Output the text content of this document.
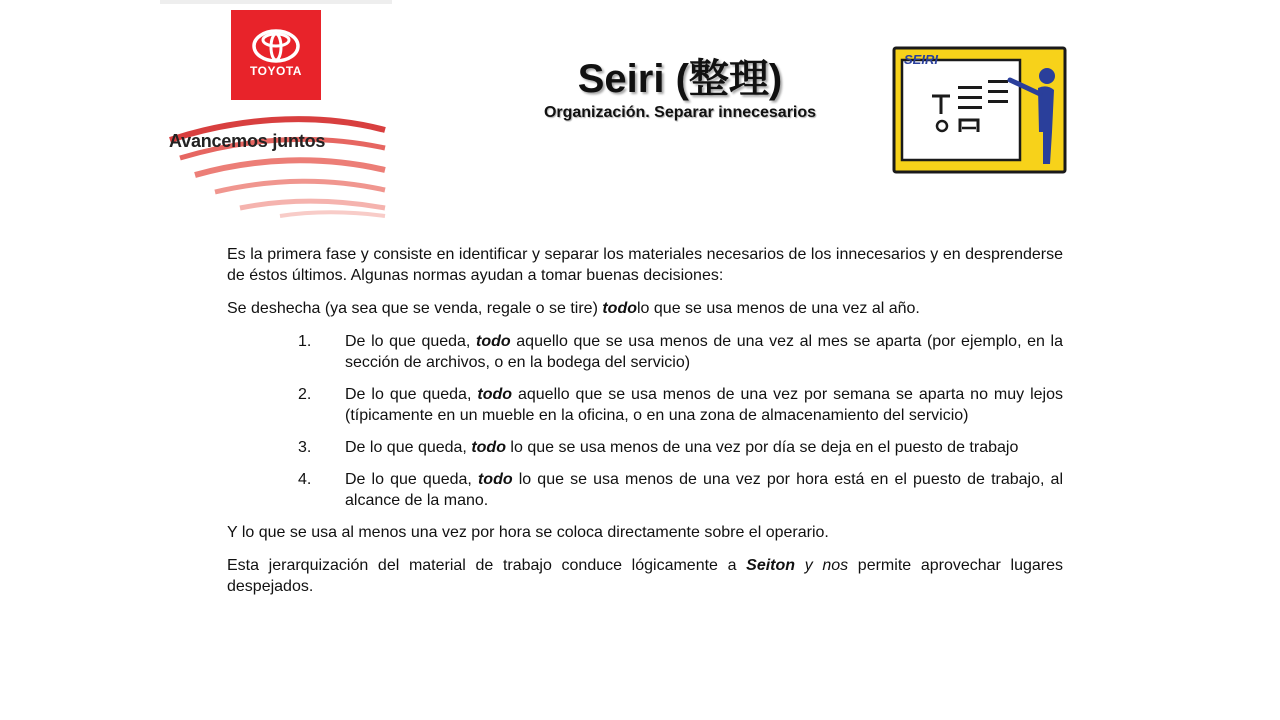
TOYOTA
Avancemos juntos
Seiri (整理)
Organización. Separar innecesarios
SEIRI

Es la primera fase y consiste en identificar y separar los materiales necesarios de los innecesarios y en desprenderse de éstos últimos. Algunas normas ayudan a tomar buenas decisiones:

Se deshecha (ya sea que se venda, regale o se tire) todolo que se usa menos de una vez al año.

1. De lo que queda, todo aquello que se usa menos de una vez al mes se aparta (por ejemplo, en la sección de archivos, o en la bodega del servicio)
2. De lo que queda, todo aquello que se usa menos de una vez por semana se aparta no muy lejos (típicamente en un mueble en la oficina, o en una zona de almacenamiento del servicio)
3. De lo que queda, todo lo que se usa menos de una vez por día se deja en el puesto de trabajo
4. De lo que queda, todo lo que se usa menos de una vez por hora está en el puesto de trabajo, al alcance de la mano.

Y lo que se usa al menos una vez por hora se coloca directamente sobre el operario.

Esta jerarquización del material de trabajo conduce lógicamente a Seiton y nos permite aprovechar lugares despejados.
